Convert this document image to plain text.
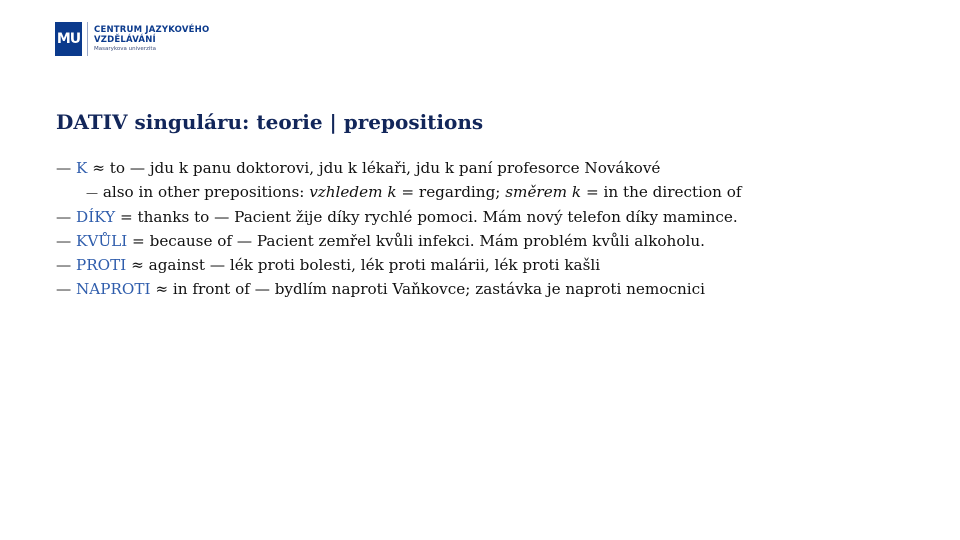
MU
CENTRUM JAZYKOVÉHO
VZDĚLÁVÁNÍ
Masarykova univerzita
DATIV singuláru: teorie | prepositions

— K ≈ to — jdu k panu doktorovi, jdu k lékaři, jdu k paní profesorce Novákové

— also in other prepositions: vzhledem k = regarding; směrem k = in the direction of

— DÍKY = thanks to — Pacient žije díky rychlé pomoci. Mám nový telefon díky mamince.

— KVŮLI = because of — Pacient zemřel kvůli infekci. Mám problém kvůli alkoholu.

— PROTI ≈ against — lék proti bolesti, lék proti malárii, lék proti kašli

— NAPROTI ≈ in front of — bydlím naproti Vaňkovce; zastávka je naproti nemocnici
